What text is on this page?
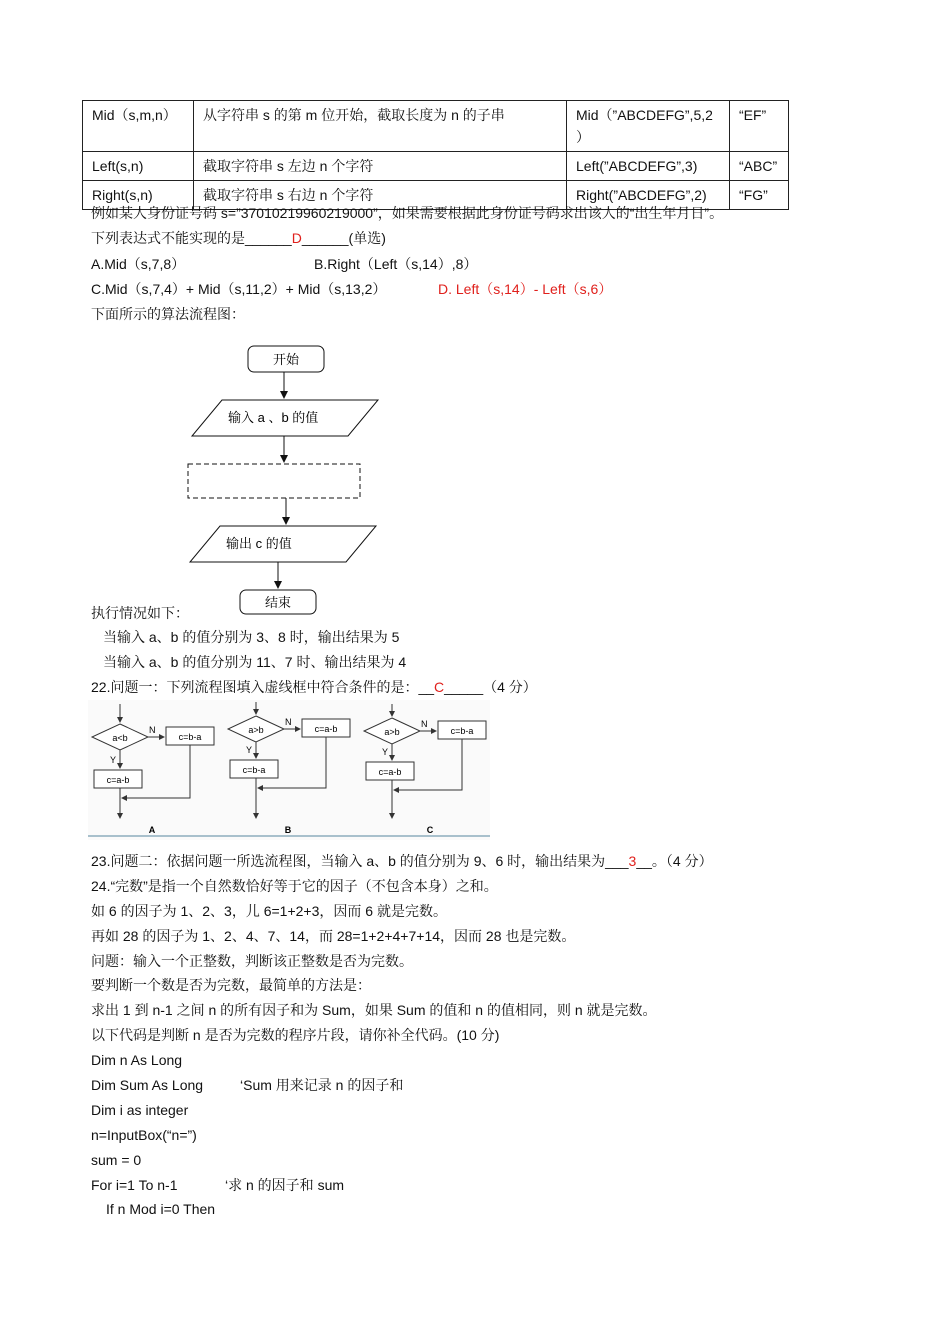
Mid（s,m,n）	从字符串 s 的第 m 位开始，截取长度为 n 的子串	Mid（”ABCDEFG”,5,2
）	“EF”
Left(s,n)	截取字符串 s 左边 n 个字符	Left(”ABCDEFG”,3)	“ABC”
Right(s,n)	截取字符串 s 右边 n 个字符	Right(”ABCDEFG”,2)	“FG”
例如某人身份证号码 s=”37010219960219000”，如果需要根据此身份证号码求出该人的“出生年月日”。
下列表达式不能实现的是______D______(单选)
A.Mid（s,7,8）	B.Right（Left（s,14）,8）
C.Mid（s,7,4）+ Mid（s,11,2）+ Mid（s,13,2）	D. Left（s,14）- Left（s,6）
下面所示的算法流程图：
开始
输入 a 、b 的值
输出 c 的值
结束
执行情况如下：
当输入 a、b 的值分别为 3、8 时，输出结果为 5
当输入 a、b 的值分别为 11、7 时、输出结果为 4
22.问题一：下列流程图填入虚线框中符合条件的是：__C_____（4 分）
a<b
N
c=b-a
Y
c=a-b
A
a>b
N
c=a-b
Y
c=b-a
B
a>b
N
c=b-a
Y
c=a-b
C
23.问题二：依据问题一所选流程图，当输入 a、b 的值分别为 9、6 时，输出结果为___3__。（4 分）
24.“完数”是指一个自然数恰好等于它的因子（不包含本身）之和。
如 6 的因子为 1、2、3，儿 6=1+2+3，因而 6 就是完数。
再如 28 的因子为 1、2、4、7、14，而 28=1+2+4+7+14，因而 28 也是完数。
问题：输入一个正整数，判断该正整数是否为完数。
要判断一个数是否为完数，最简单的方法是：
求出 1 到 n-1 之间 n 的所有因子和为 Sum，如果 Sum 的值和 n 的值相同，则 n 就是完数。
以下代码是判断 n 是否为完数的程序片段，请你补全代码。(10 分)
Dim n As Long
Dim Sum As Long	‘Sum 用来记录 n 的因子和
Dim i as integer
n=InputBox(“n=”)
sum = 0
For i=1 To n-1	‘求 n 的因子和 sum
If n Mod i=0 Then
